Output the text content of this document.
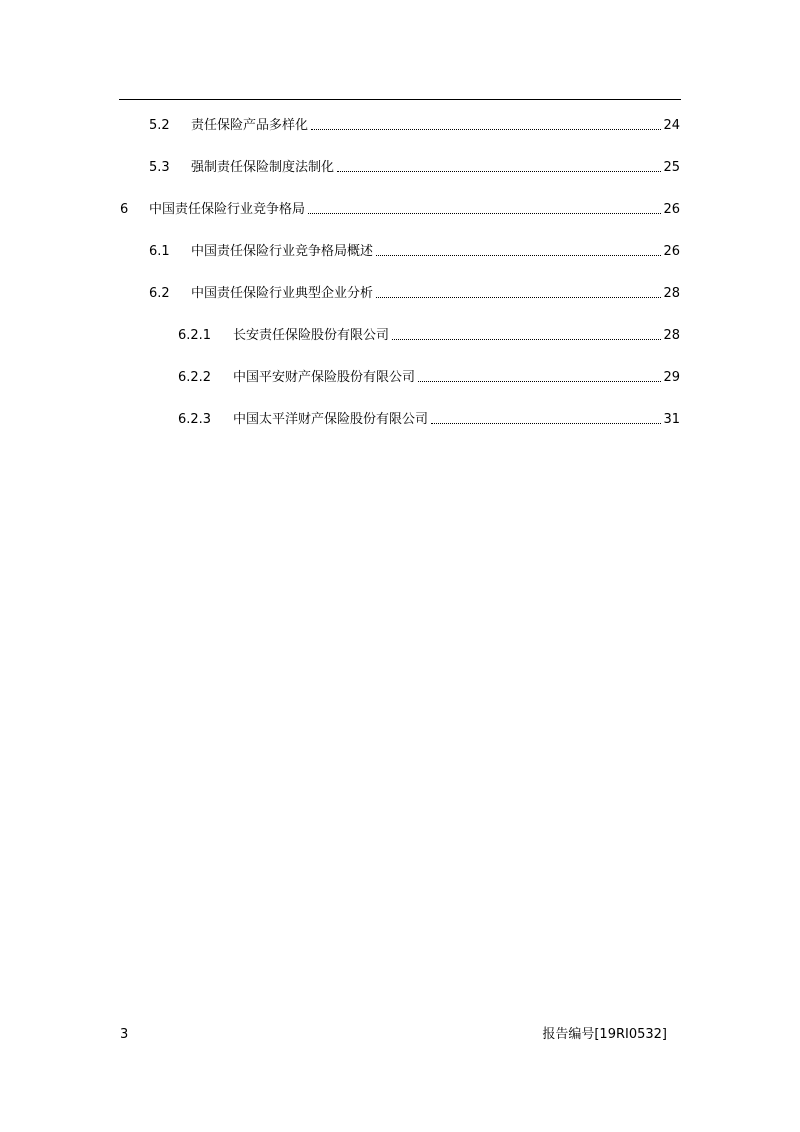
5.2	责任保险产品多样化	24
5.3	强制责任保险制度法制化	25
6	中国责任保险行业竞争格局	26
6.1	中国责任保险行业竞争格局概述	26
6.2	中国责任保险行业典型企业分析	28
6.2.1	长安责任保险股份有限公司	28
6.2.2	中国平安财产保险股份有限公司	29
6.2.3	中国太平洋财产保险股份有限公司	31
3	报告编号[19RI0532]
